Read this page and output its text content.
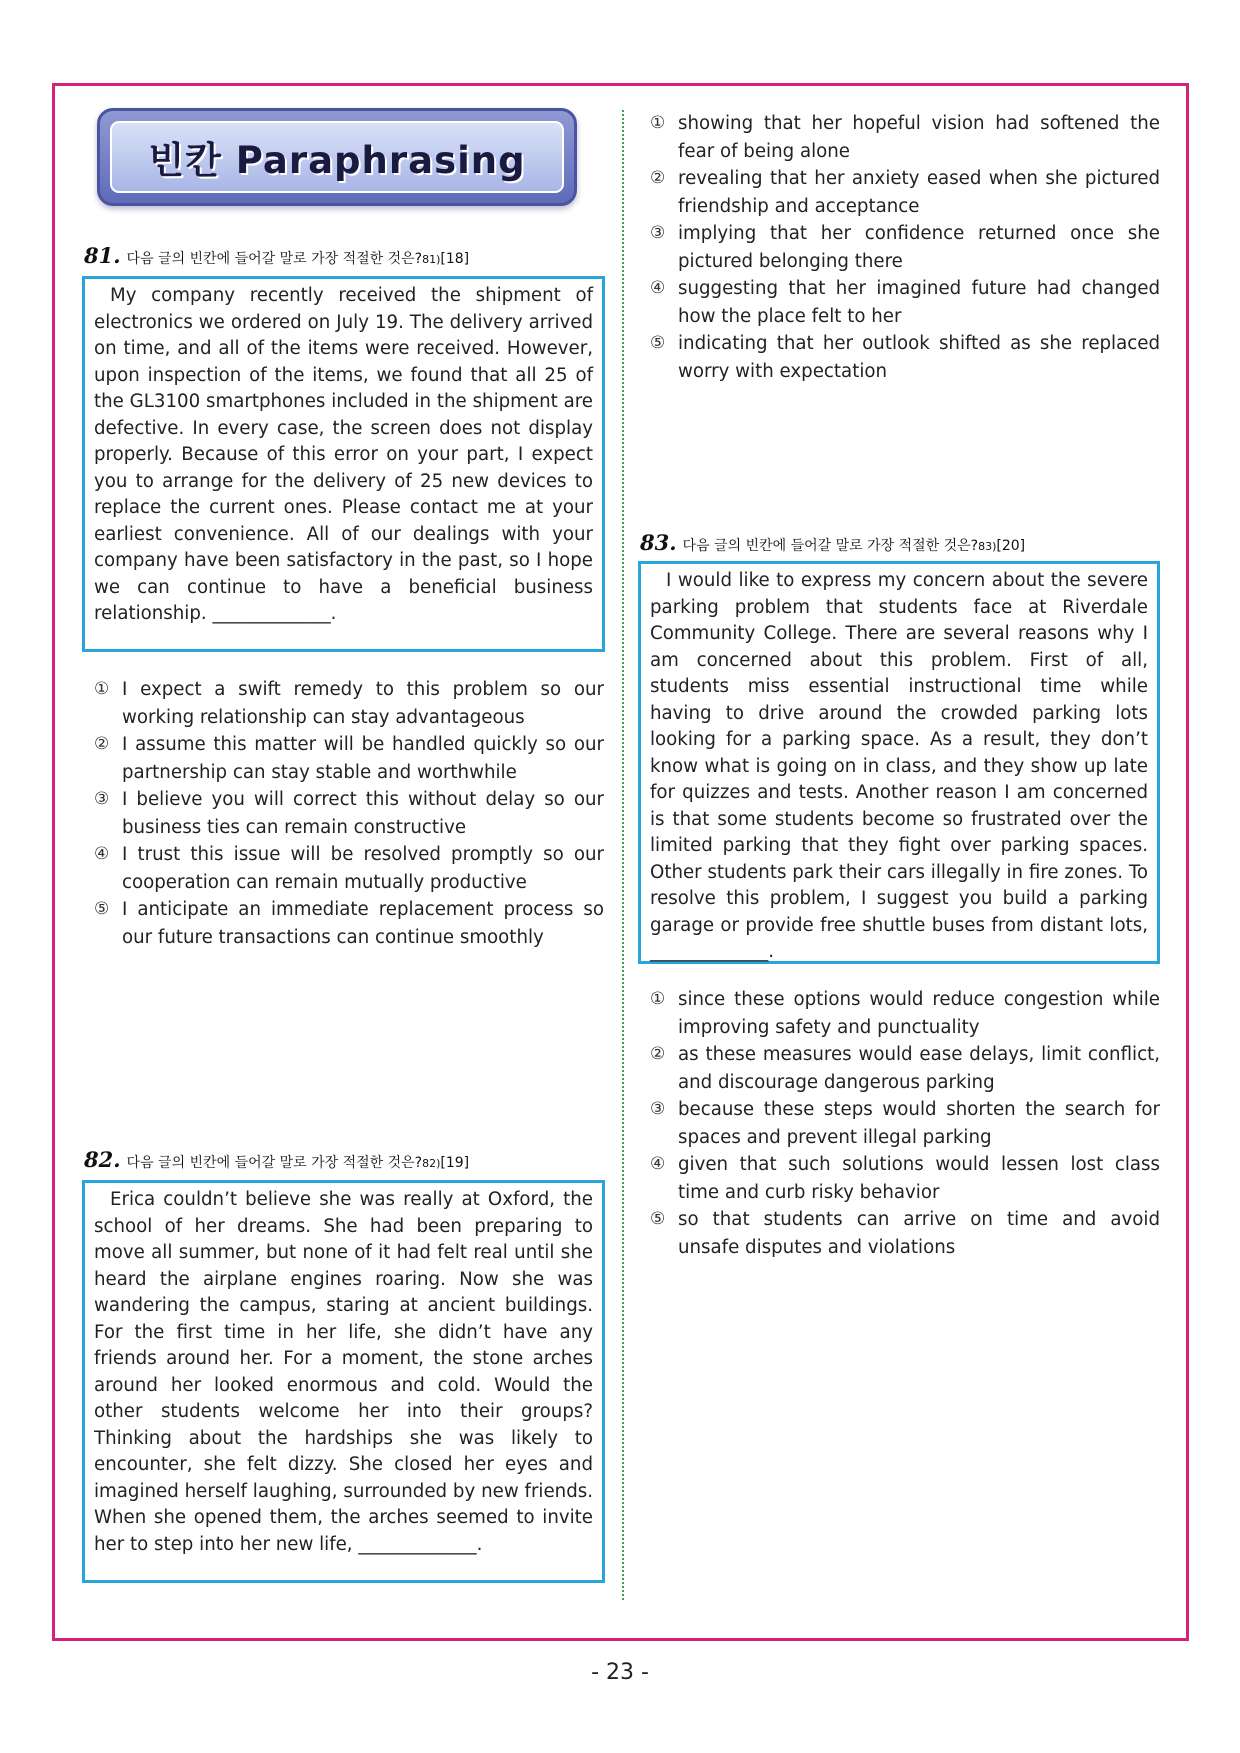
빈칸 Paraphrasing
81. 다음 글의 빈칸에 들어갈 말로 가장 적절한 것은? 81) [18]
My company recently received the shipment of electronics we ordered on July 19. The delivery arrived on time, and all of the items were received. However, upon inspection of the items, we found that all 25 of the GL3100 smartphones included in the shipment are defective. In every case, the screen does not display properly. Because of this error on your part, I expect you to arrange for the delivery of 25 new devices to replace the current ones. Please contact me at your earliest convenience. All of our dealings with your company have been satisfactory in the past, so I hope we can continue to have a beneficial business relationship. _____________.
① I expect a swift remedy to this problem so our working relationship can stay advantageous
② I assume this matter will be handled quickly so our partnership can stay stable and worthwhile
③ I believe you will correct this without delay so our business ties can remain constructive
④ I trust this issue will be resolved promptly so our cooperation can remain mutually productive
⑤ I anticipate an immediate replacement process so our future transactions can continue smoothly
82. 다음 글의 빈칸에 들어갈 말로 가장 적절한 것은? 82) [19]
Erica couldn’t believe she was really at Oxford, the school of her dreams. She had been preparing to move all summer, but none of it had felt real until she heard the airplane engines roaring. Now she was wandering the campus, staring at ancient buildings. For the first time in her life, she didn’t have any friends around her. For a moment, the stone arches around her looked enormous and cold. Would the other students welcome her into their groups? Thinking about the hardships she was likely to encounter, she felt dizzy. She closed her eyes and imagined herself laughing, surrounded by new friends. When she opened them, the arches seemed to invite her to step into her new life, _____________.
① showing that her hopeful vision had softened the fear of being alone
② revealing that her anxiety eased when she pictured friendship and acceptance
③ implying that her confidence returned once she pictured belonging there
④ suggesting that her imagined future had changed how the place felt to her
⑤ indicating that her outlook shifted as she replaced worry with expectation
83. 다음 글의 빈칸에 들어갈 말로 가장 적절한 것은? 83) [20]
I would like to express my concern about the severe parking problem that students face at Riverdale Community College. There are several reasons why I am concerned about this problem. First of all, students miss essential instructional time while having to drive around the crowded parking lots looking for a parking space. As a result, they don’t know what is going on in class, and they show up late for quizzes and tests. Another reason I am concerned is that some students become so frustrated over the limited parking that they fight over parking spaces. Other students park their cars illegally in fire zones. To resolve this problem, I suggest you build a parking garage or provide free shuttle buses from distant lots, _____________.
① since these options would reduce congestion while improving safety and punctuality
② as these measures would ease delays, limit conflict, and discourage dangerous parking
③ because these steps would shorten the search for spaces and prevent illegal parking
④ given that such solutions would lessen lost class time and curb risky behavior
⑤ so that students can arrive on time and avoid unsafe disputes and violations
- 23 -
